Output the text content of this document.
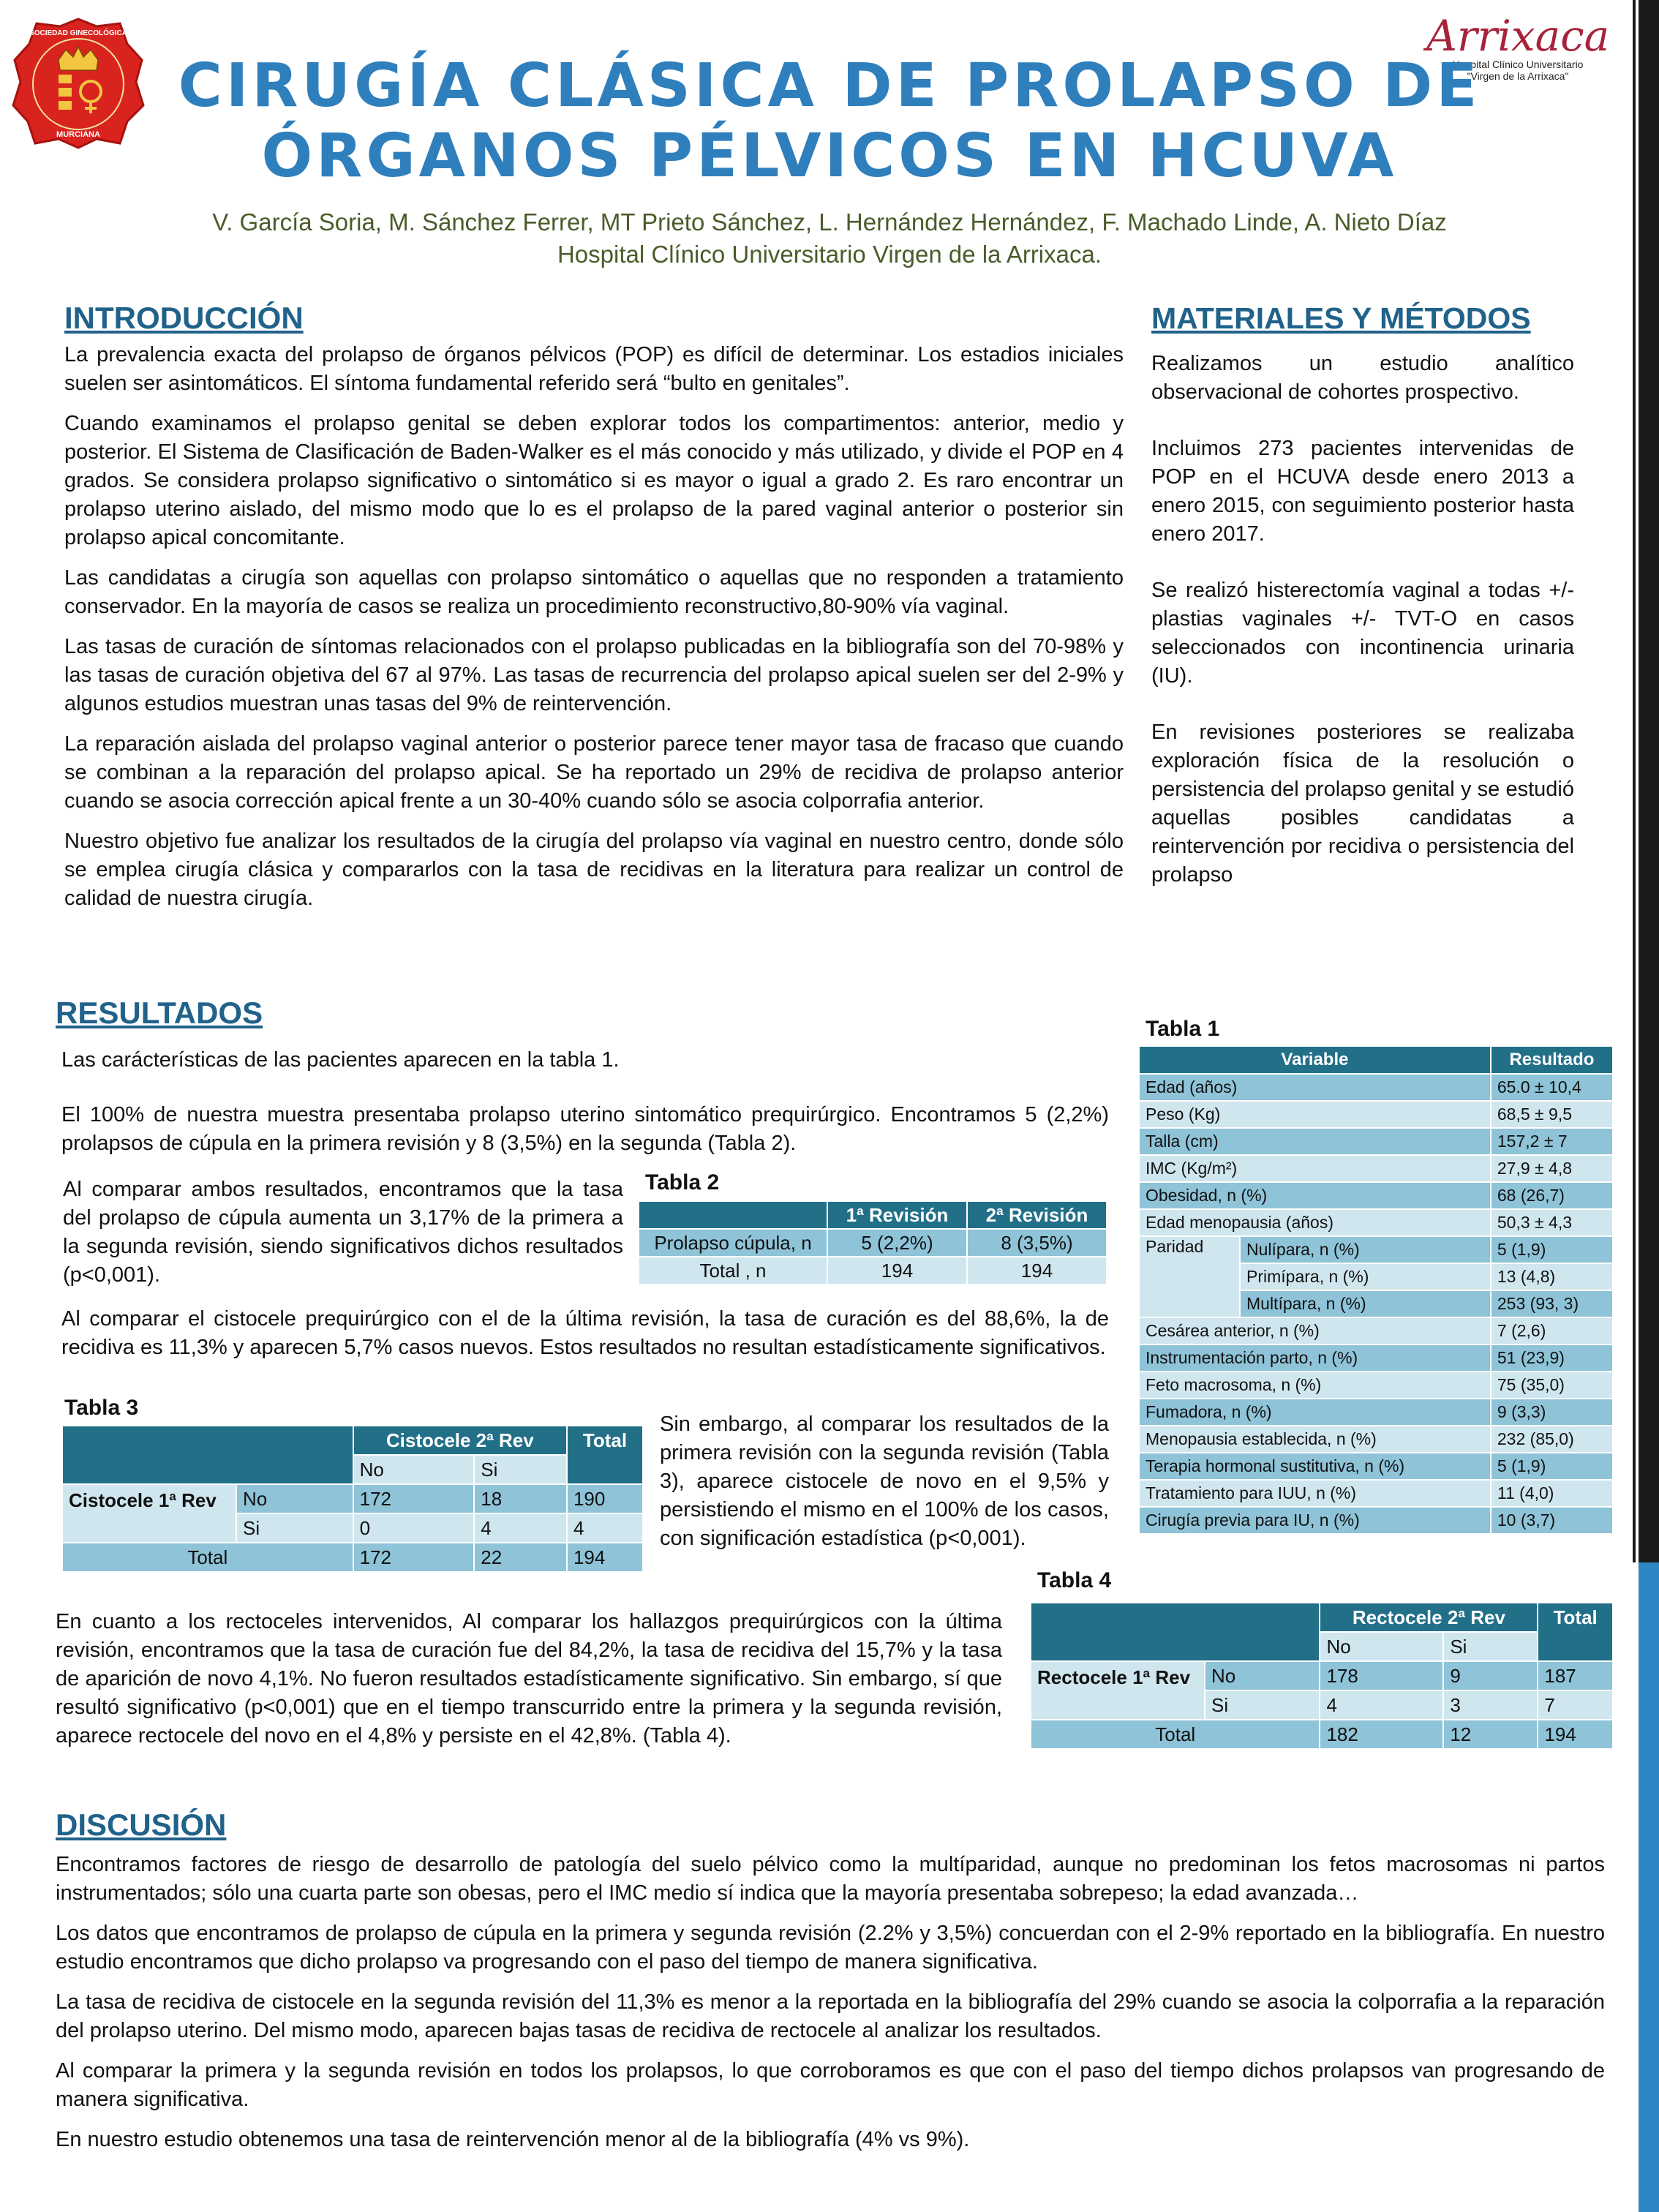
SOCIEDAD GINECOLÓGICA
MURCIANA
Arrixaca
Hospital Clínico Universitario
"Virgen de la Arrixaca"
CIRUGÍA CLÁSICA DE PROLAPSO DE
ÓRGANOS PÉLVICOS EN HCUVA
V. García Soria, M. Sánchez Ferrer, MT Prieto Sánchez, L. Hernández Hernández, F. Machado Linde, A. Nieto Díaz
Hospital Clínico Universitario Virgen de la Arrixaca.
INTRODUCCIÓN

La prevalencia exacta del prolapso de órganos pélvicos (POP) es difícil de determinar. Los estadios iniciales suelen ser asintomáticos. El síntoma fundamental referido será “bulto en genitales”.

Cuando examinamos el prolapso genital se deben explorar todos los compartimentos: anterior, medio y posterior. El Sistema de Clasificación de Baden-Walker es el más conocido y más utilizado, y divide el POP en 4 grados. Se considera prolapso significativo o sintomático si es mayor o igual a grado 2. Es raro encontrar un prolapso uterino aislado, del mismo modo que lo es el prolapso de la pared vaginal anterior o posterior sin prolapso apical concomitante.

Las candidatas a cirugía son aquellas con prolapso sintomático o aquellas que no responden a tratamiento conservador. En la mayoría de casos se realiza un procedimiento reconstructivo,80-90% vía vaginal.

Las tasas de curación de síntomas relacionados con el prolapso publicadas en la bibliografía son del 70-98% y las tasas de curación objetiva del 67 al 97%. Las tasas de recurrencia del prolapso apical suelen ser del 2-9% y algunos estudios muestran unas tasas del 9% de reintervención.

La reparación aislada del prolapso vaginal anterior o posterior parece tener mayor tasa de fracaso que cuando se combinan a la reparación del prolapso apical. Se ha reportado un 29% de recidiva de prolapso anterior cuando se asocia corrección apical frente a un 30-40% cuando sólo se asocia colporrafia anterior.

Nuestro objetivo fue analizar los resultados de la cirugía del prolapso vía vaginal en nuestro centro, donde sólo se emplea cirugía clásica y compararlos con la tasa de recidivas en la literatura para realizar un control de calidad de nuestra cirugía.

MATERIALES Y MÉTODOS

Realizamos un estudio analítico observacional de cohortes prospectivo.

Incluimos 273 pacientes intervenidas de POP en el HCUVA desde enero 2013 a enero 2015, con seguimiento posterior hasta enero 2017.

Se realizó histerectomía vaginal a todas +/- plastias vaginales +/- TVT-O en casos seleccionados con incontinencia urinaria (IU).

En revisiones posteriores se realizaba exploración física de la resolución o persistencia del prolapso genital y se estudió aquellas posibles candidatas a reintervención por recidiva o persistencia del prolapso

RESULTADOS
Las carácterísticas de las pacientes aparecen en la tabla 1.
El 100% de nuestra muestra presentaba prolapso uterino sintomático prequirúrgico. Encontramos 5 (2,2%) prolapsos de cúpula en la primera revisión y 8 (3,5%) en la segunda (Tabla 2).
Al comparar ambos resultados, encontramos que la tasa del prolapso de cúpula aumenta un 3,17% de la primera a la segunda revisión, siendo significativos dichos resultados (p<0,001).
Al comparar el cistocele prequirúrgico con el de la última revisión, la tasa de curación es del 88,6%, la de recidiva es 11,3% y aparecen 5,7% casos nuevos. Estos resultados no resultan estadísticamente significativos.
Sin embargo, al comparar los resultados de la primera revisión con la segunda revisión (Tabla 3), aparece cistocele de novo en el 9,5% y persistiendo el mismo en el 100% de los casos, con significación estadística (p<0,001).
En cuanto a los rectoceles intervenidos, Al comparar los hallazgos prequirúrgicos con la última revisión, encontramos que la tasa de curación fue del 84,2%, la tasa de recidiva del 15,7% y la tasa de aparición de novo 4,1%. No fueron resultados estadísticamente significativo. Sin embargo, sí que resultó significativo (p<0,001) que en el tiempo transcurrido entre la primera y la segunda revisión, aparece rectocele del novo en el 4,8% y persiste en el 42,8%. (Tabla 4).
Tabla 1
Variable		Resultado
Edad (años)		65.0 ± 10,4
Peso (Kg)		68,5 ± 9,5
Talla (cm)		157,2 ± 7
IMC (Kg/m²)		27,9 ± 4,8
Obesidad, n (%)		68 (26,7)
Edad menopausia (años)		50,3 ± 4,3
Paridad	Nulípara, n (%)	5 (1,9)
	Primípara, n (%)	13 (4,8)
	Multípara, n (%)	253 (93, 3)
Cesárea anterior, n (%)		7 (2,6)
Instrumentación parto, n (%)		51 (23,9)
Feto macrosoma, n (%)		75 (35,0)
Fumadora, n (%)		9 (3,3)
Menopausia establecida, n (%)		232 (85,0)
Terapia hormonal sustitutiva, n (%)		5 (1,9)
Tratamiento para IUU, n (%)		11 (4,0)
Cirugía previa para IU, n (%)		10 (3,7)
Tabla 2
	1ª Revisión	2ª Revisión
Prolapso cúpula, n	5 (2,2%)	8 (3,5%)
Total , n	194	194
Tabla 3
		Cistocele 2ª Rev		Total
		No	Si	
Cistocele 1ª Rev	No	172	18	190
	Si	0	4	4
Total		172	22	194
Tabla 4
		Rectocele 2ª Rev		Total
		No	Si	
Rectocele 1ª Rev	No	178	9	187
	Si	4	3	7
Total		182	12	194
DISCUSIÓN

Encontramos factores de riesgo de desarrollo de patología del suelo pélvico como la multíparidad, aunque no predominan los fetos macrosomas ni partos instrumentados; sólo una cuarta parte son obesas, pero el IMC medio sí indica que la mayoría presentaba sobrepeso; la edad avanzada…

Los datos que encontramos de prolapso de cúpula en la primera y segunda revisión (2.2% y 3,5%) concuerdan con el 2-9% reportado en la bibliografía. En nuestro estudio encontramos que dicho prolapso va progresando con el paso del tiempo de manera significativa.

La tasa de recidiva de cistocele en la segunda revisión del 11,3% es menor a la reportada en la bibliografía del 29% cuando se asocia la colporrafia a la reparación del prolapso uterino. Del mismo modo, aparecen bajas tasas de recidiva de rectocele al analizar los resultados.

Al comparar la primera y la segunda revisión en todos los prolapsos, lo que corroboramos es que con el paso del tiempo dichos prolapsos van progresando de manera significativa.

En nuestro estudio obtenemos una tasa de reintervención menor al de la bibliografía (4% vs 9%).
